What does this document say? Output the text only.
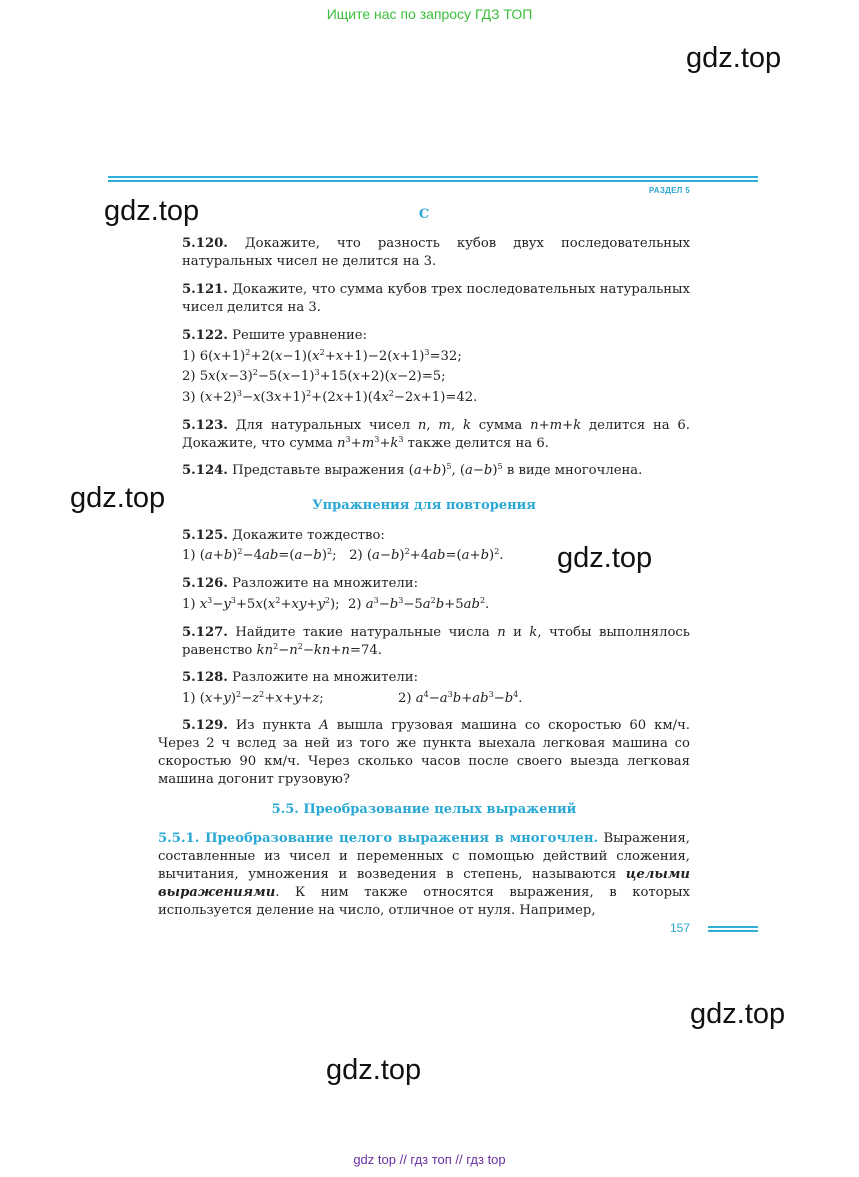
Ищите нас по запросу ГДЗ ТОП
gdz.top
РАЗДЕЛ 5
gdz.top	C
5.120. Докажите, что разность кубов двух последовательных натуральных чисел не делится на 3.
5.121. Докажите, что сумма кубов трех последовательных натуральных чисел делится на 3.
5.122. Решите уравнение:
1) $6(x+1)^2+2(x-1)(x^2+x+1)-2(x+1)^3=32$;
2) $5x(x-3)^2-5(x-1)^3+15(x+2)(x-2)=5$;
3) $(x+2)^3-x(3x+1)^2+(2x+1)(4x^2-2x+1)=42$.
5.123. Для натуральных чисел n, m, k сумма n+m+k делится на 6. Докажите, что сумма $n^3+m^3+k^3$ также делится на 6.
5.124. Представьте выражения $(a+b)^5$, $(a-b)^5$ в виде многочлена.
gdz.top	Упражнения для повторения
5.125. Докажите тождество:
1) $(a+b)^2-4ab=(a-b)^2$;   2) $(a-b)^2+4ab=(a+b)^2$.	gdz.top
5.126. Разложите на множители:
1) $x^3-y^3+5x(x^2+xy+y^2)$;  2) $a^3-b^3-5a^2b+5ab^2$.
5.127. Найдите такие натуральные числа n и k, чтобы выполнялось равенство $kn^2-n^2-kn+n=74$.
5.128. Разложите на множители:
1) $(x+y)^2-z^2+x+y+z$;	2) $a^4-a^3b+ab^3-b^4$.
5.129. Из пункта A вышла грузовая машина со скоростью 60 км/ч. Через 2 ч вслед за ней из того же пункта выехала легковая машина со скоростью 90 км/ч. Через сколько часов после своего выезда легковая машина догонит грузовую?
5.5. Преобразование целых выражений
5.5.1. Преобразование целого выражения в многочлен. Выражения, составленные из чисел и переменных с помощью действий сложения, вычитания, умножения и возведения в степень, называются целыми выражениями. К ним также относятся выражения, в которых используется деление на число, отличное от нуля. Например,
157
gdz.top
gdz.top
gdz top // гдз топ // гдз top
